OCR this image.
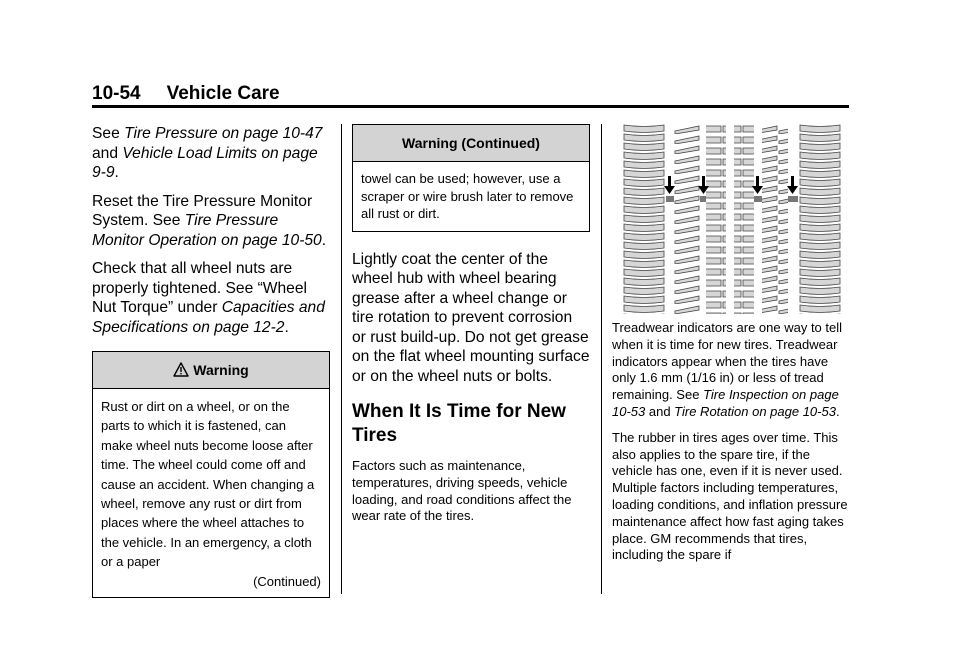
10-54 Vehicle Care

See Tire Pressure on page 10-47 and Vehicle Load Limits on page 9-9.

Reset the Tire Pressure Monitor System. See Tire Pressure Monitor Operation on page 10-50.

Check that all wheel nuts are properly tightened. See “Wheel Nut Torque” under Capacities and Specifications on page 12-2.

Warning
Rust or dirt on a wheel, or on the parts to which it is fastened, can make wheel nuts become loose after time. The wheel could come off and cause an accident. When changing a wheel, remove any rust or dirt from places where the wheel attaches to the vehicle. In an emergency, a cloth or a paper
(Continued)
Warning (Continued)
towel can be used; however, use a scraper or wire brush later to remove all rust or dirt.

Lightly coat the center of the wheel hub with wheel bearing grease after a wheel change or tire rotation to prevent corrosion or rust build-up. Do not get grease on the flat wheel mounting surface or on the wheel nuts or bolts.

When It Is Time for New Tires

Factors such as maintenance, temperatures, driving speeds, vehicle loading, and road conditions affect the wear rate of the tires.

Treadwear indicators are one way to tell when it is time for new tires. Treadwear indicators appear when the tires have only 1.6 mm (1/16 in) or less of tread remaining. See Tire Inspection on page 10-53 and Tire Rotation on page 10-53.

The rubber in tires ages over time. This also applies to the spare tire, if the vehicle has one, even if it is never used. Multiple factors including temperatures, loading conditions, and inflation pressure maintenance affect how fast aging takes place. GM recommends that tires, including the spare if
